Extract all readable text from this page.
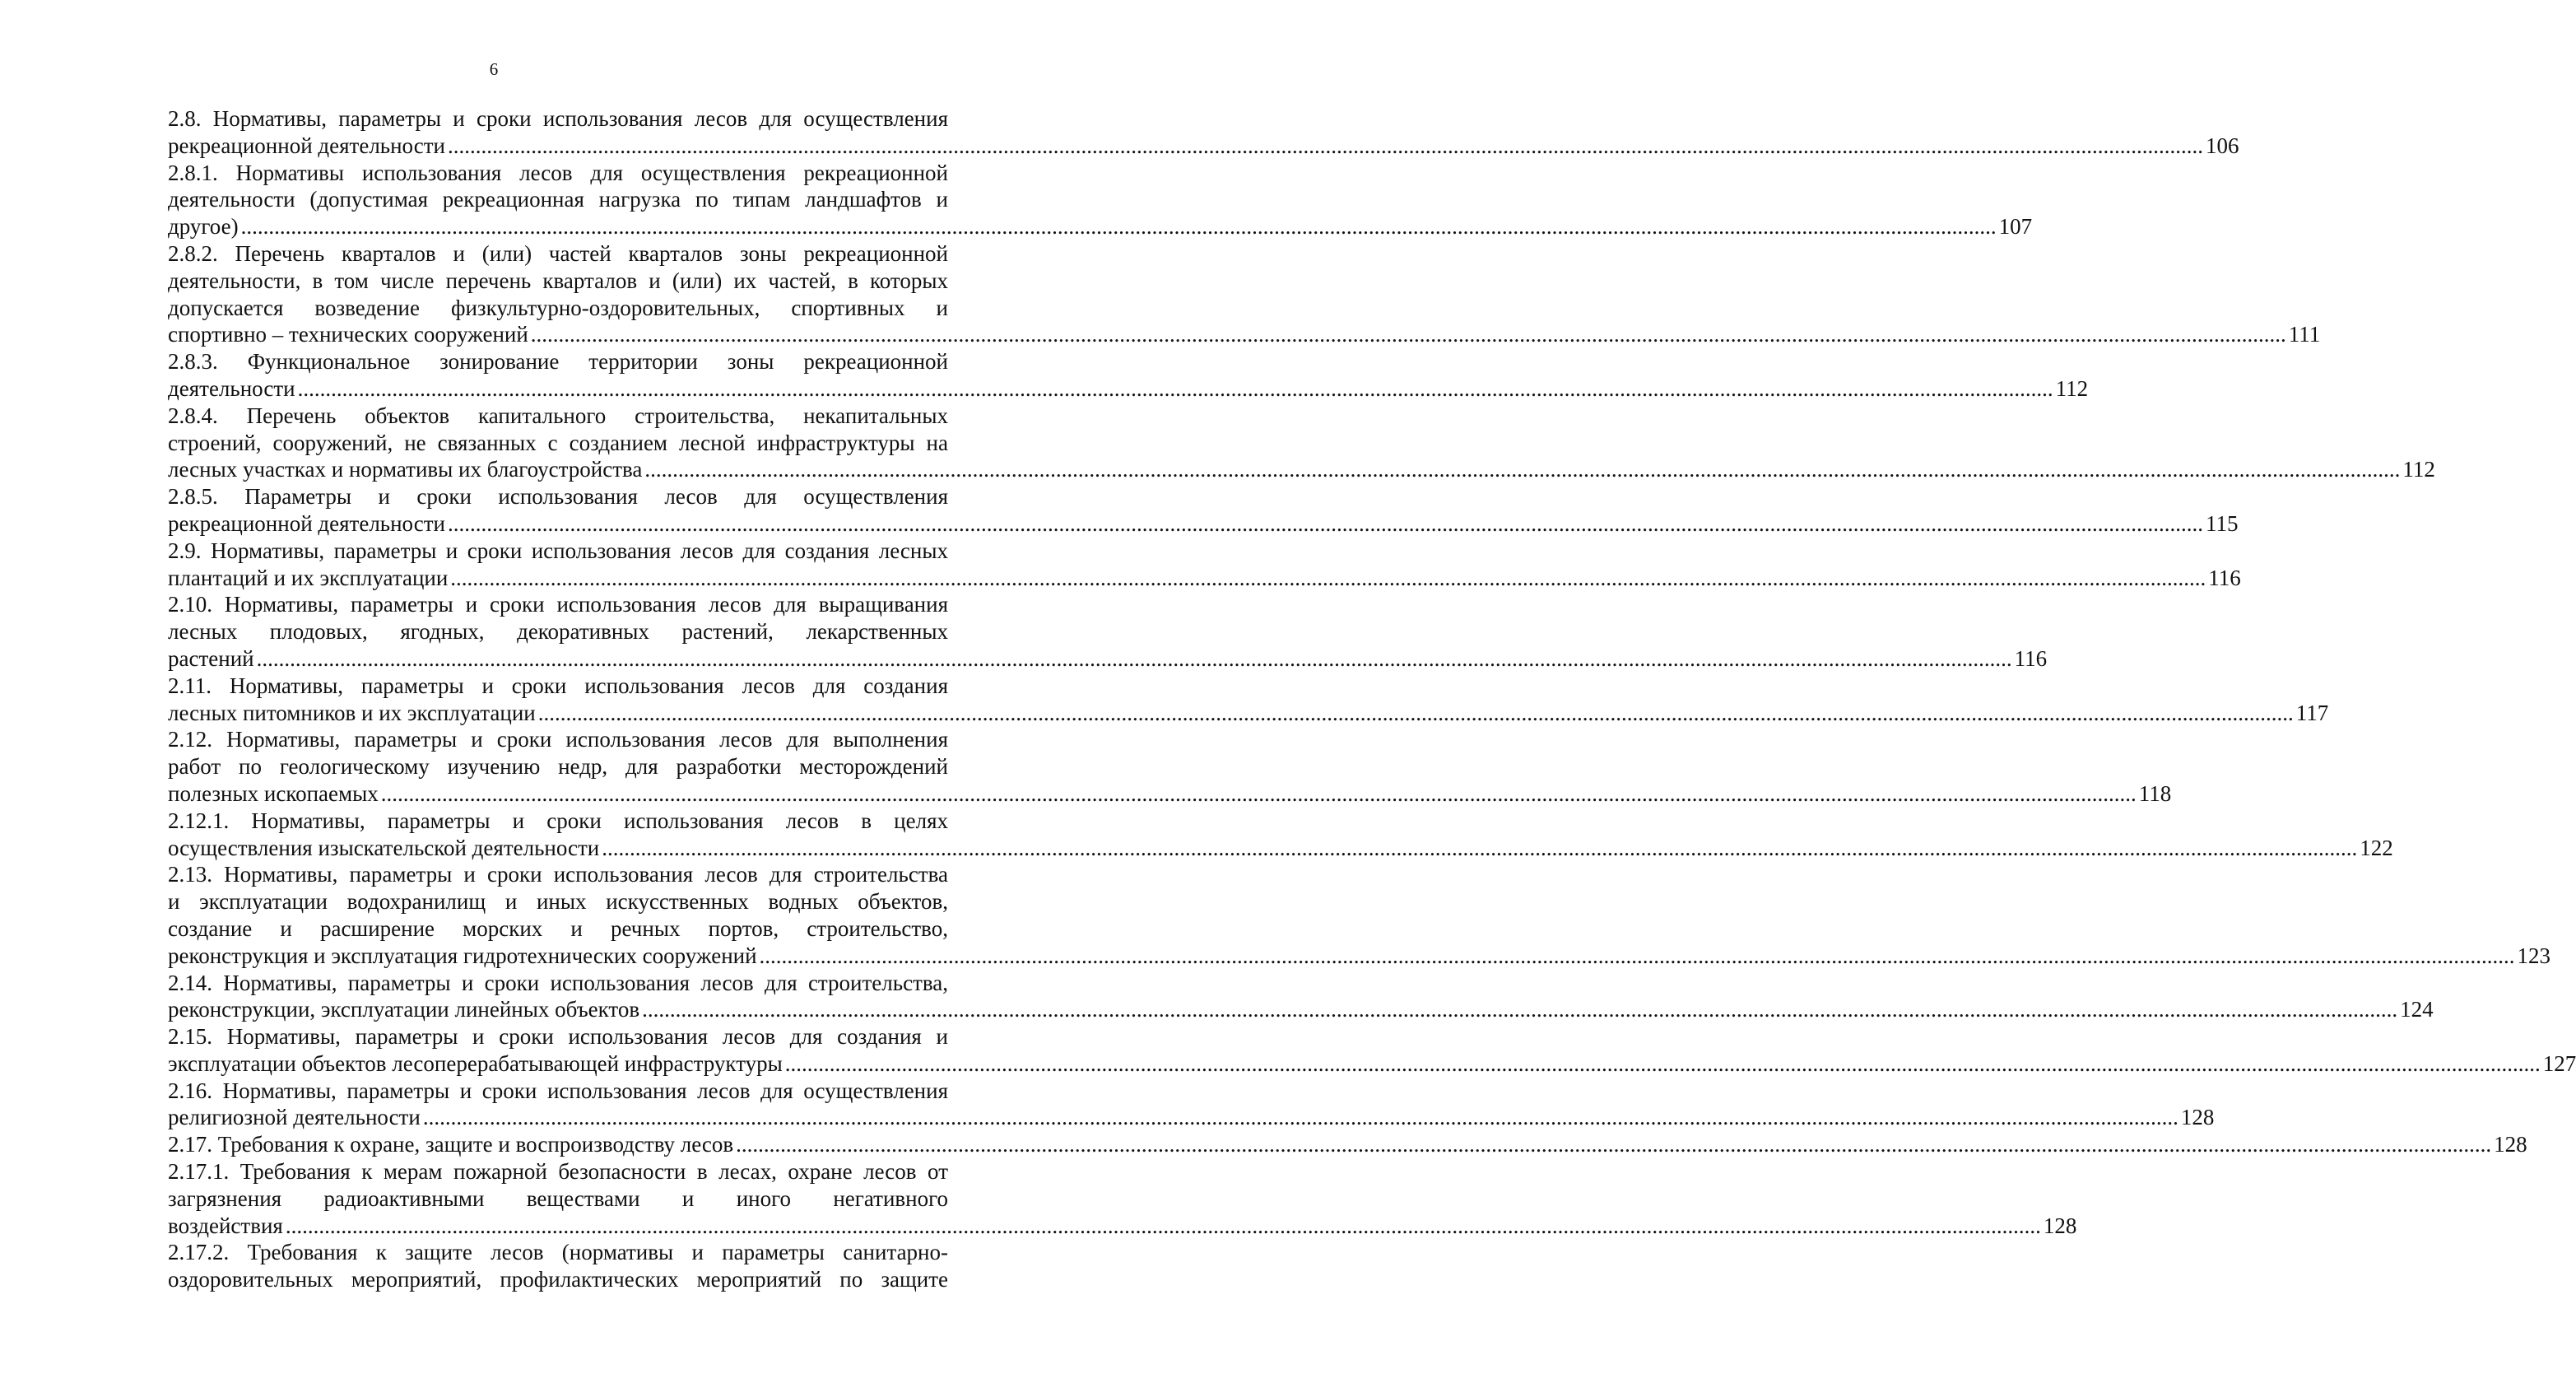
6
2.8. Нормативы, параметры и сроки использования лесов для осуществления
рекреационной деятельности .....	106
2.8.1. Нормативы использования лесов для осуществления рекреационной
деятельности (допустимая рекреационная нагрузка по типам ландшафтов и
другое) .....	107
2.8.2. Перечень кварталов и (или) частей кварталов зоны рекреационной
деятельности, в том числе перечень кварталов и (или) их частей, в которых
допускается возведение физкультурно-оздоровительных, спортивных и
спортивно – технических сооружений .....	111
2.8.3. Функциональное зонирование территории зоны рекреационной
деятельности .....	112
2.8.4. Перечень объектов капитального строительства, некапитальных
строений, сооружений, не связанных с созданием лесной инфраструктуры на
лесных участках и нормативы их благоустройства .....	112
2.8.5. Параметры и сроки использования лесов для осуществления
рекреационной деятельности .....	115
2.9. Нормативы, параметры и сроки использования лесов для создания лесных
плантаций и их эксплуатации .....	116
2.10. Нормативы, параметры и сроки использования лесов для выращивания
лесных плодовых, ягодных, декоративных растений, лекарственных
растений .....	116
2.11. Нормативы, параметры и сроки использования лесов для создания
лесных питомников и их эксплуатации .....	117
2.12. Нормативы, параметры и сроки использования лесов для выполнения
работ по геологическому изучению недр, для разработки месторождений
полезных ископаемых .....	118
2.12.1. Нормативы, параметры и сроки использования лесов в целях
осуществления изыскательской деятельности .....	122
2.13. Нормативы, параметры и сроки использования лесов для строительства
и эксплуатации водохранилищ и иных искусственных водных объектов,
создание и расширение морских и речных портов, строительство,
реконструкция и эксплуатация гидротехнических сооружений .....	123
2.14. Нормативы, параметры и сроки использования лесов для строительства,
реконструкции, эксплуатации линейных объектов .....	124
2.15. Нормативы, параметры и сроки использования лесов для создания и
эксплуатации объектов лесоперерабатывающей инфраструктуры .....	127
2.16. Нормативы, параметры и сроки использования лесов для осуществления
религиозной деятельности .....	128
2.17. Требования к охране, защите и воспроизводству лесов .....	128
2.17.1. Требования к мерам пожарной безопасности в лесах, охране лесов от
загрязнения радиоактивными веществами и иного негативного
воздействия .....	128
2.17.2. Требования к защите лесов (нормативы и параметры санитарно-
оздоровительных мероприятий, профилактических мероприятий по защите
